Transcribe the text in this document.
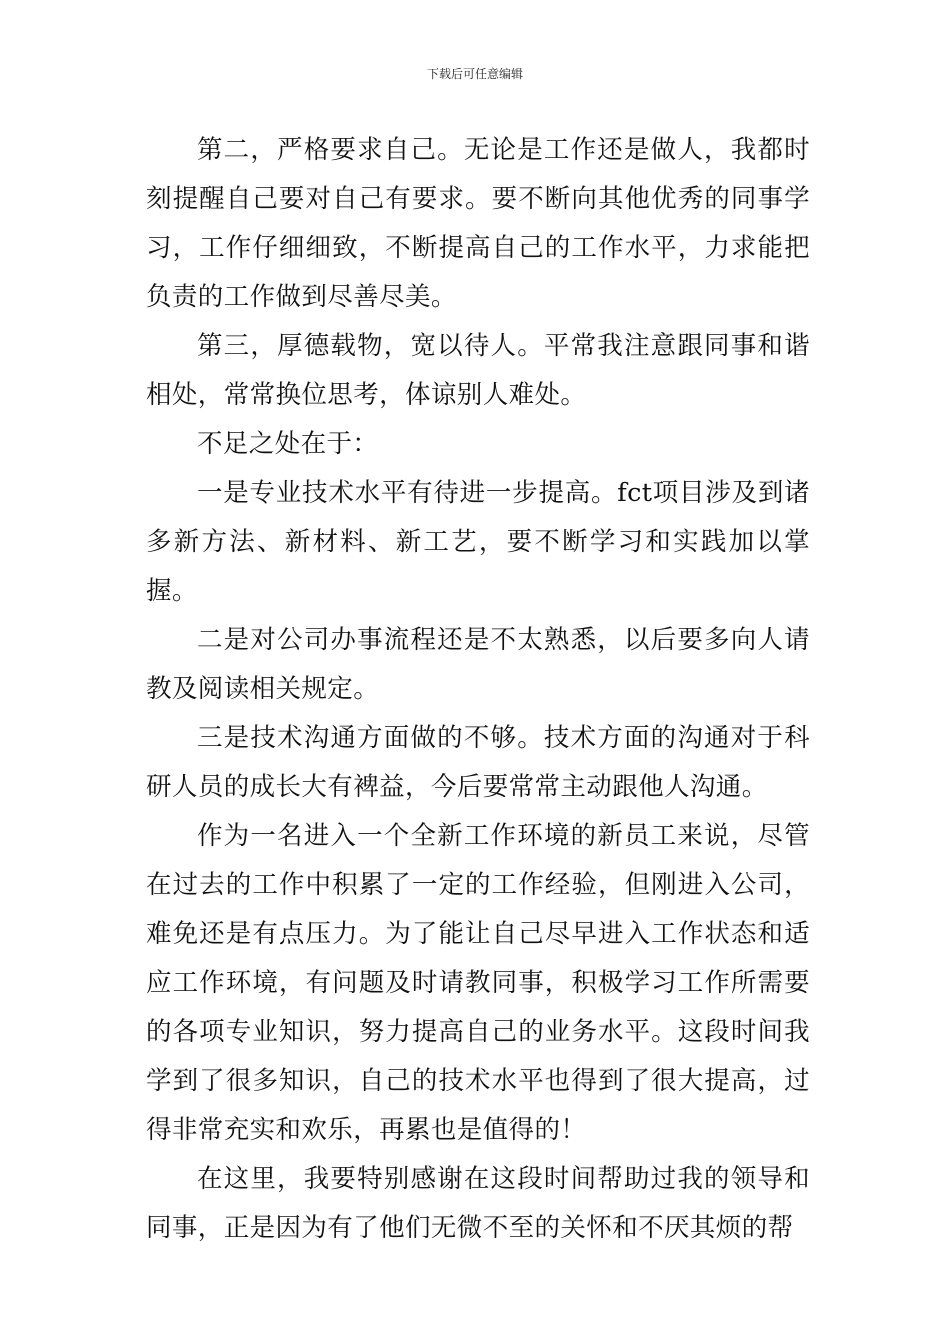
下载后可任意编辑

第二，严格要求自己。无论是工作还是做人，我都时刻提醒自己要对自己有要求。要不断向其他优秀的同事学习，工作仔细细致，不断提高自己的工作水平，力求能把负责的工作做到尽善尽美。

第三，厚德载物，宽以待人。平常我注意跟同事和谐相处，常常换位思考，体谅别人难处。

不足之处在于：

一是专业技术水平有待进一步提高。fct项目涉及到诸多新方法、新材料、新工艺，要不断学习和实践加以掌握。

二是对公司办事流程还是不太熟悉，以后要多向人请教及阅读相关规定。

三是技术沟通方面做的不够。技术方面的沟通对于科研人员的成长大有裨益，今后要常常主动跟他人沟通。

作为一名进入一个全新工作环境的新员工来说，尽管在过去的工作中积累了一定的工作经验，但刚进入公司，难免还是有点压力。为了能让自己尽早进入工作状态和适应工作环境，有问题及时请教同事，积极学习工作所需要的各项专业知识，努力提高自己的业务水平。这段时间我学到了很多知识，自己的技术水平也得到了很大提高，过得非常充实和欢乐，再累也是值得的！

在这里，我要特别感谢在这段时间帮助过我的领导和同事，正是因为有了他们无微不至的关怀和不厌其烦的帮
